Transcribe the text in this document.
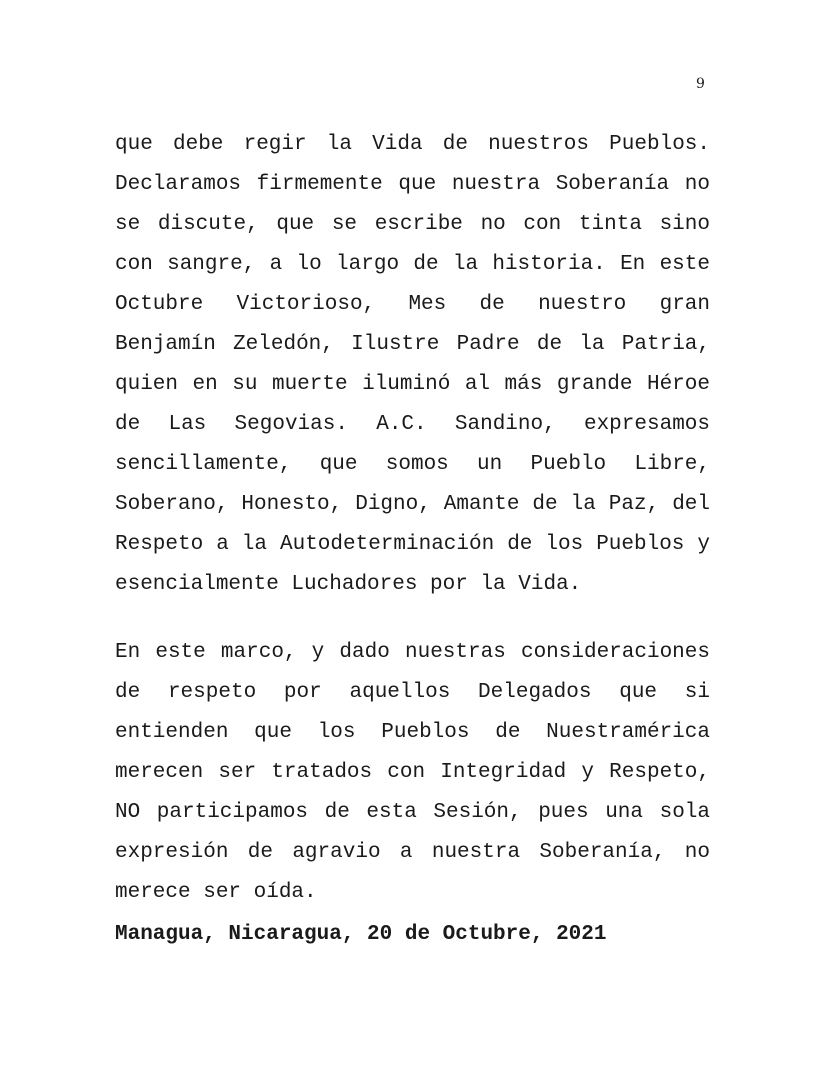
9

que debe regir la Vida de nuestros Pueblos. Declaramos firmemente que nuestra Soberanía no se discute, que se escribe no con tinta sino con sangre, a lo largo de la historia. En este Octubre Victorioso, Mes de nuestro gran Benjamín Zeledón, Ilustre Padre de la Patria, quien en su muerte iluminó al más grande Héroe de Las Segovias. A.C. Sandino, expresamos sencillamente, que somos un Pueblo Libre, Soberano, Honesto, Digno, Amante de la Paz, del Respeto a la Autodeterminación de los Pueblos y esencialmente Luchadores por la Vida.

En este marco, y dado nuestras consideraciones de respeto por aquellos Delegados que si entienden que los Pueblos de Nuestramérica merecen ser tratados con Integridad y Respeto, NO participamos de esta Sesión, pues una sola expresión de agravio a nuestra Soberanía, no merece ser oída.

Managua, Nicaragua, 20 de Octubre, 2021
